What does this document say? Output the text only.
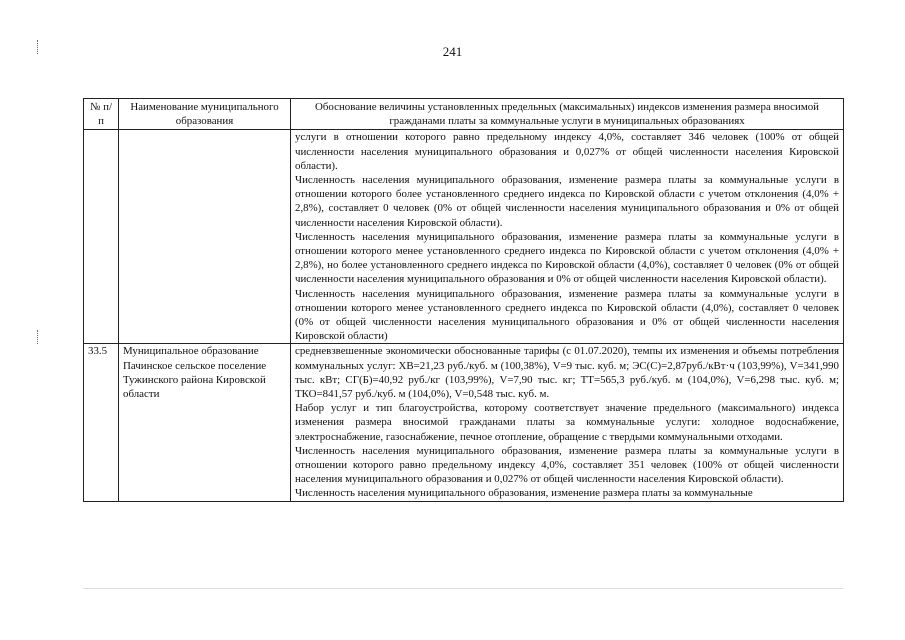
241
№ п/п	Наименование муниципального образования	Обоснование величины установленных предельных (максимальных) индексов изменения размера вносимой гражданами платы за коммунальные услуги в муниципальных образованиях

		услуги в отношении которого равно предельному индексу 4,0%, составляет 346 человек (100% от общей численности населения муниципального образования и 0,027% от общей численности населения Кировской области).

Численность населения муниципального образования, изменение размера платы за коммунальные услуги в отношении которого более установленного среднего индекса по Кировской области с учетом отклонения (4,0% + 2,8%), составляет 0 человек (0% от общей численности населения муниципального образования и 0% от общей численности населения Кировской области).

Численность населения муниципального образования, изменение размера платы за коммунальные услуги в отношении которого менее установленного среднего индекса по Кировской области с учетом отклонения (4,0% + 2,8%), но более установленного среднего индекса по Кировской области (4,0%), составляет 0 человек (0% от общей численности населения муниципального образования и 0% от общей численности населения Кировской области).

Численность населения муниципального образования, изменение размера платы за коммунальные услуги в отношении которого менее установленного среднего индекса по Кировской области (4,0%), составляет 0 человек (0% от общей численности населения муниципального образования и 0% от общей численности населения Кировской области)

33.5	Муниципальное образование Пачинское сельское поселение Тужинского района Кировской области	средневзвешенные экономически обоснованные тарифы (с 01.07.2020), темпы их изменения и объемы потребления коммунальных услуг: ХВ=21,23 руб./куб. м (100,38%), V=9 тыс. куб. м; ЭС(С)=2,87руб./кВт·ч (103,99%), V=341,990 тыс. кВт; СГ(Б)=40,92 руб./кг (103,99%), V=7,90 тыс. кг; ТТ=565,3 руб./куб. м (104,0%), V=6,298 тыс. куб. м; ТКО=841,57 руб./куб. м (104,0%), V=0,548 тыс. куб. м.

Набор услуг и тип благоустройства, которому соответствует значение предельного (максимального) индекса изменения размера вносимой гражданами платы за коммунальные услуги: холодное водоснабжение, электроснабжение, газоснабжение, печное отопление, обращение с твердыми коммунальными отходами.

Численность населения муниципального образования, изменение размера платы за коммунальные услуги в отношении которого равно предельному индексу 4,0%, составляет 351 человек (100% от общей численности населения муниципального образования и 0,027% от общей численности населения Кировской области).

Численность населения муниципального образования, изменение размера платы за коммунальные
